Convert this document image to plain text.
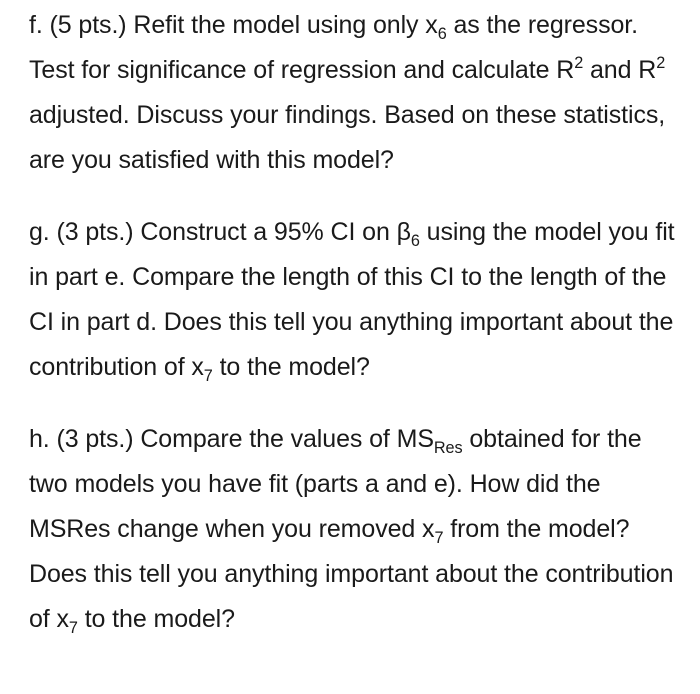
f. (5 pts.) Refit the model using only $x_6$ as the regressor. Test for significance of regression and calculate $R^2$ and $R^2$ adjusted. Discuss your findings. Based on these statistics, are you satisfied with this model?

g. (3 pts.) Construct a 95% CI on $\beta_6$ using the model you fit in part e. Compare the length of this CI to the length of the CI in part d. Does this tell you anything important about the contribution of $x_7$ to the model?

h. (3 pts.) Compare the values of $MS_{Res}$ obtained for the two models you have fit (parts a and e). How did the MSRes change when you removed $x_7$ from the model? Does this tell you anything important about the contribution of $x_7$ to the model?
